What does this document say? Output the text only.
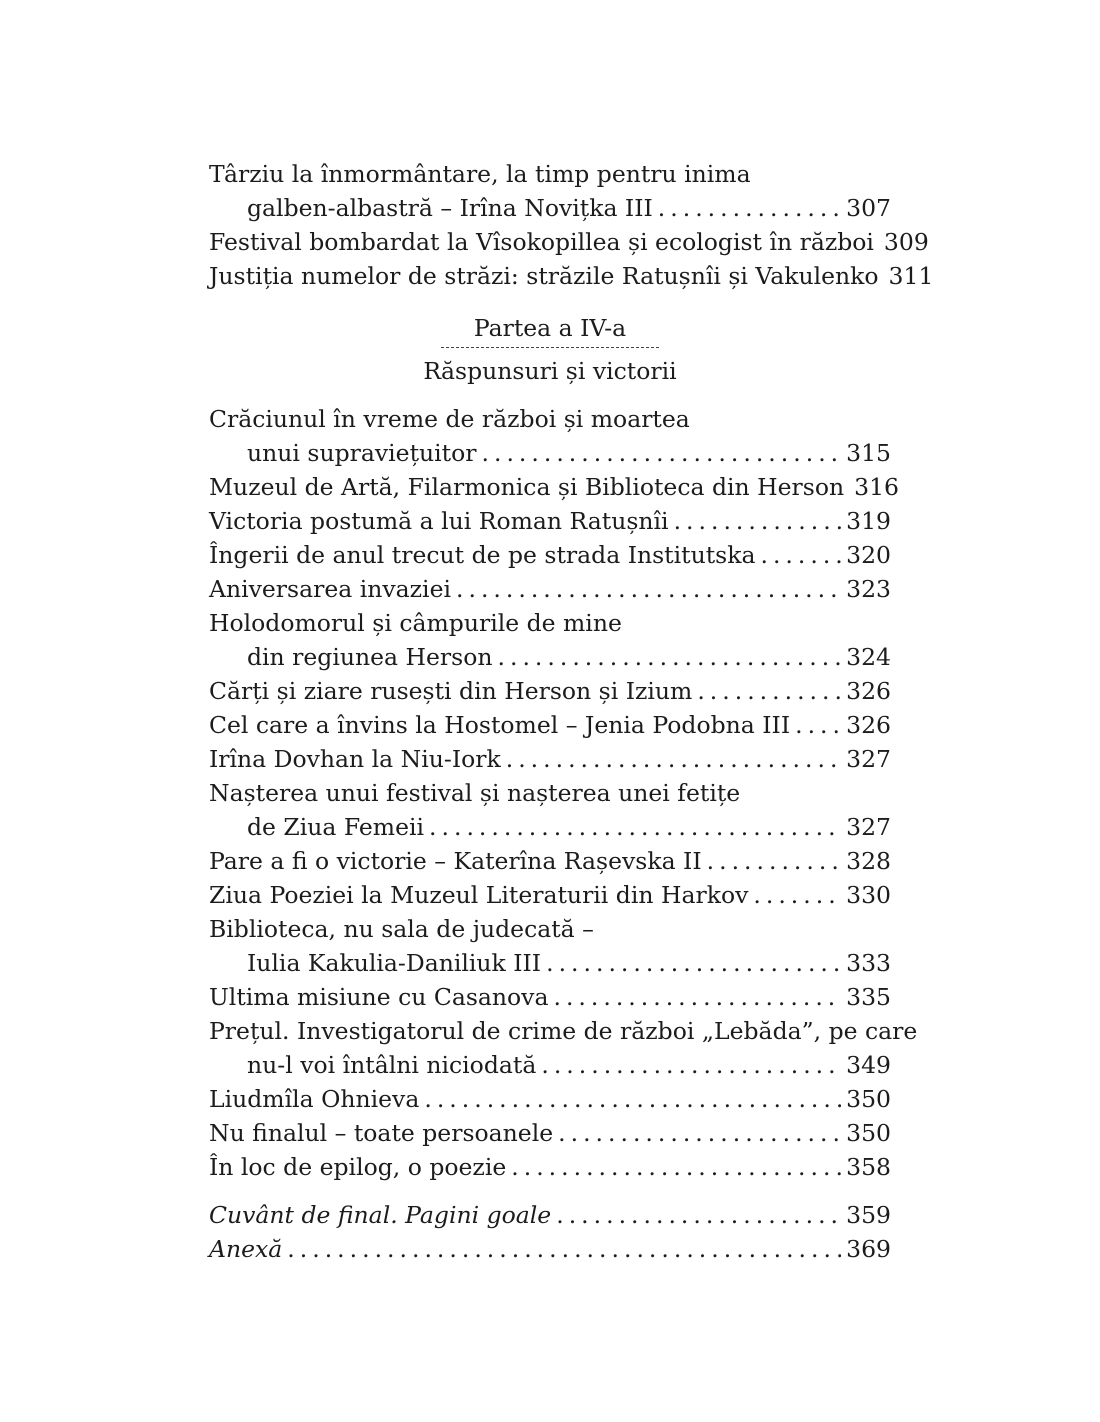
Târziu la înmormântare, la timp pentru inima
galben-albastră – Irîna Novițka III .....	307
Festival bombardat la Vîsokopillea și ecologist în război 309
Justiția numelor de străzi: străzile Ratușnîi și Vakulenko 311
Partea a IV-a
Răspunsuri și victorii
Crăciunul în vreme de război și moartea
unui supraviețuitor .....	315
Muzeul de Artă, Filarmonica și Biblioteca din Herson 316
Victoria postumă a lui Roman Ratușnîi .....	319
Îngerii de anul trecut de pe strada Institutska .....	320
Aniversarea invaziei .....	323
Holodomorul și câmpurile de mine
din regiunea Herson .....	324
Cărți și ziare rusești din Herson și Izium .....	326
Cel care a învins la Hostomel – Jenia Podobna III ..... 326
Irîna Dovhan la Niu-Iork .....	327
Nașterea unui festival și nașterea unei fetițe
de Ziua Femeii .....	327
Pare a fi o victorie – Katerîna Rașevska II .....	328
Ziua Poeziei la Muzeul Literaturii din Harkov .....	330
Biblioteca, nu sala de judecată –
Iulia Kakulia-Daniliuk III .....	333
Ultima misiune cu Casanova .....	335
Prețul. Investigatorul de crime de război „Lebăda”, pe care
nu-l voi întâlni niciodată .....	349
Liudmîla Ohnieva .....	350
Nu finalul – toate persoanele .....	350
În loc de epilog, o poezie .....	358
Cuvânt de final. Pagini goale .....	359
Anexă .....	369
